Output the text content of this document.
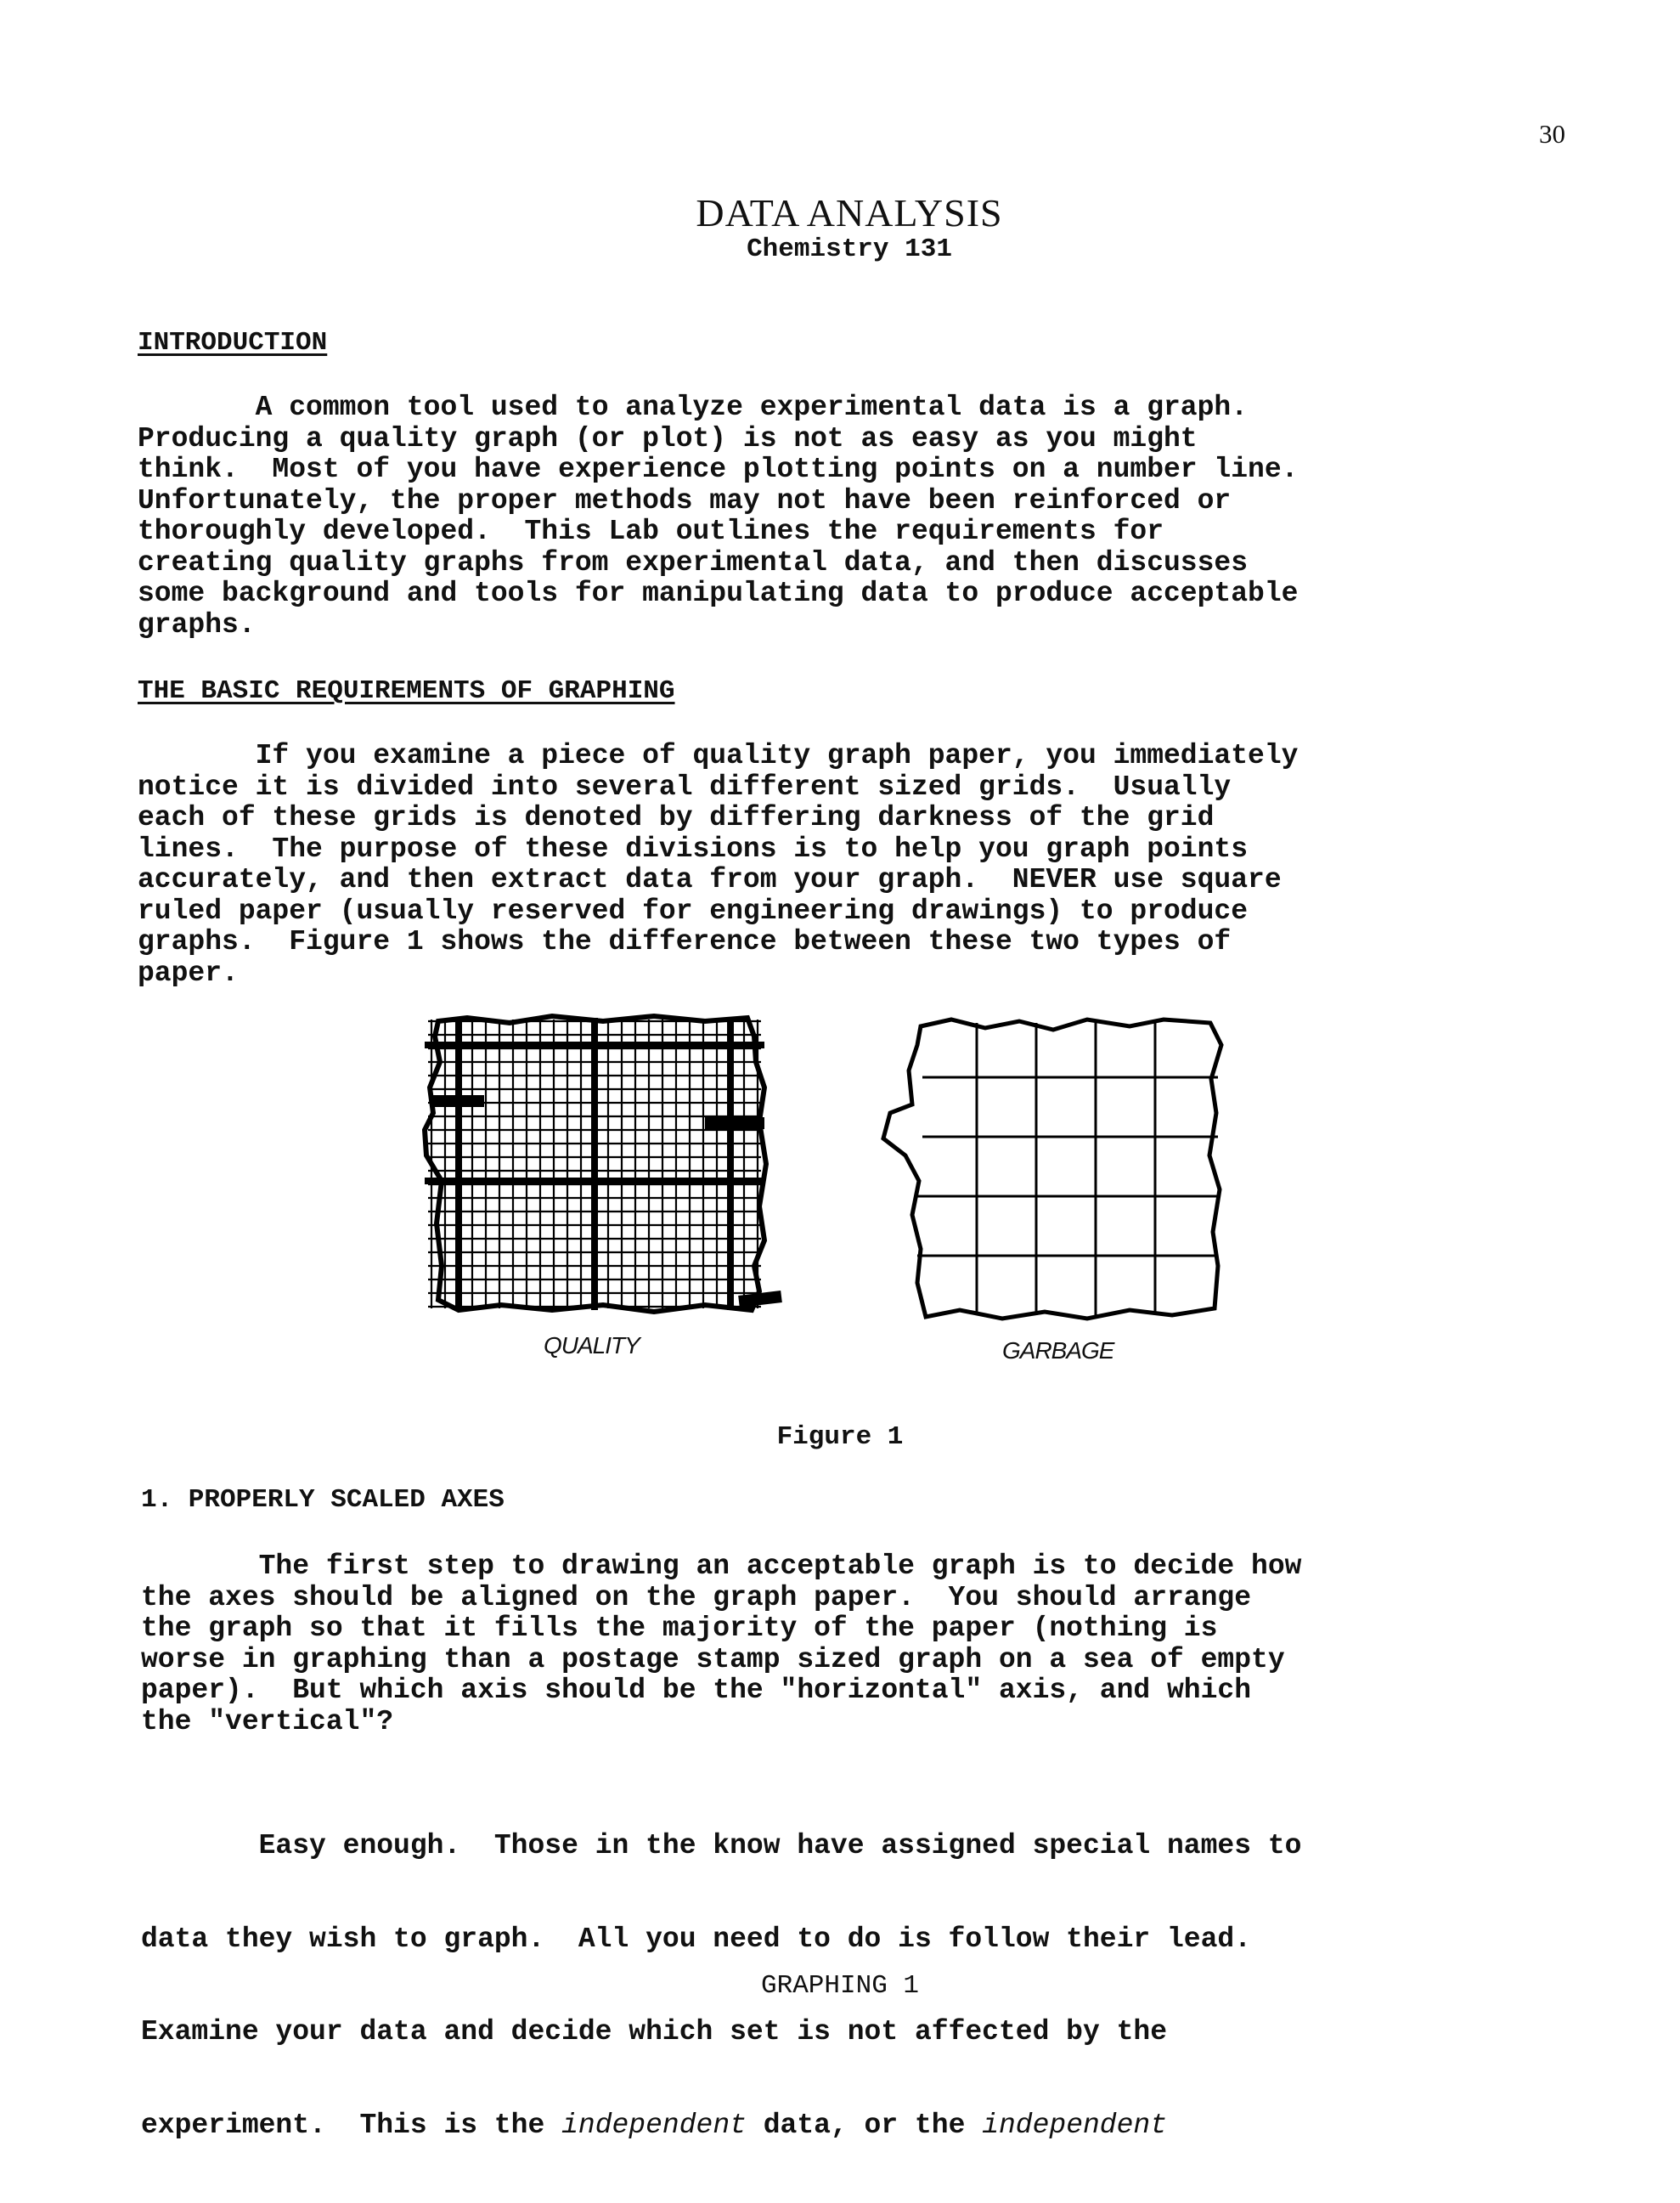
30
DATA ANALYSIS
Chemistry 131
INTRODUCTION
A common tool used to analyze experimental data is a graph.
Producing a quality graph (or plot) is not as easy as you might
think.  Most of you have experience plotting points on a number line.
Unfortunately, the proper methods may not have been reinforced or
thoroughly developed.  This Lab outlines the requirements for
creating quality graphs from experimental data, and then discusses
some background and tools for manipulating data to produce acceptable
graphs.
THE BASIC REQUIREMENTS OF GRAPHING
If you examine a piece of quality graph paper, you immediately
notice it is divided into several different sized grids.  Usually
each of these grids is denoted by differing darkness of the grid
lines.  The purpose of these divisions is to help you graph points
accurately, and then extract data from your graph.  NEVER use square
ruled paper (usually reserved for engineering drawings) to produce
graphs.  Figure 1 shows the difference between these two types of
paper.
QUALITY	GARBAGE
Figure 1
1. PROPERLY SCALED AXES
The first step to drawing an acceptable graph is to decide how
the axes should be aligned on the graph paper.  You should arrange
the graph so that it fills the majority of the paper (nothing is
worse in graphing than a postage stamp sized graph on a sea of empty
paper).  But which axis should be the "horizontal" axis, and which
the "vertical"?

Easy enough.  Those in the know have assigned special names to

data they wish to graph.  All you need to do is follow their lead.

Examine your data and decide which set is not affected by the

experiment.  This is the independent data, or the independent

GRAPHING 1
